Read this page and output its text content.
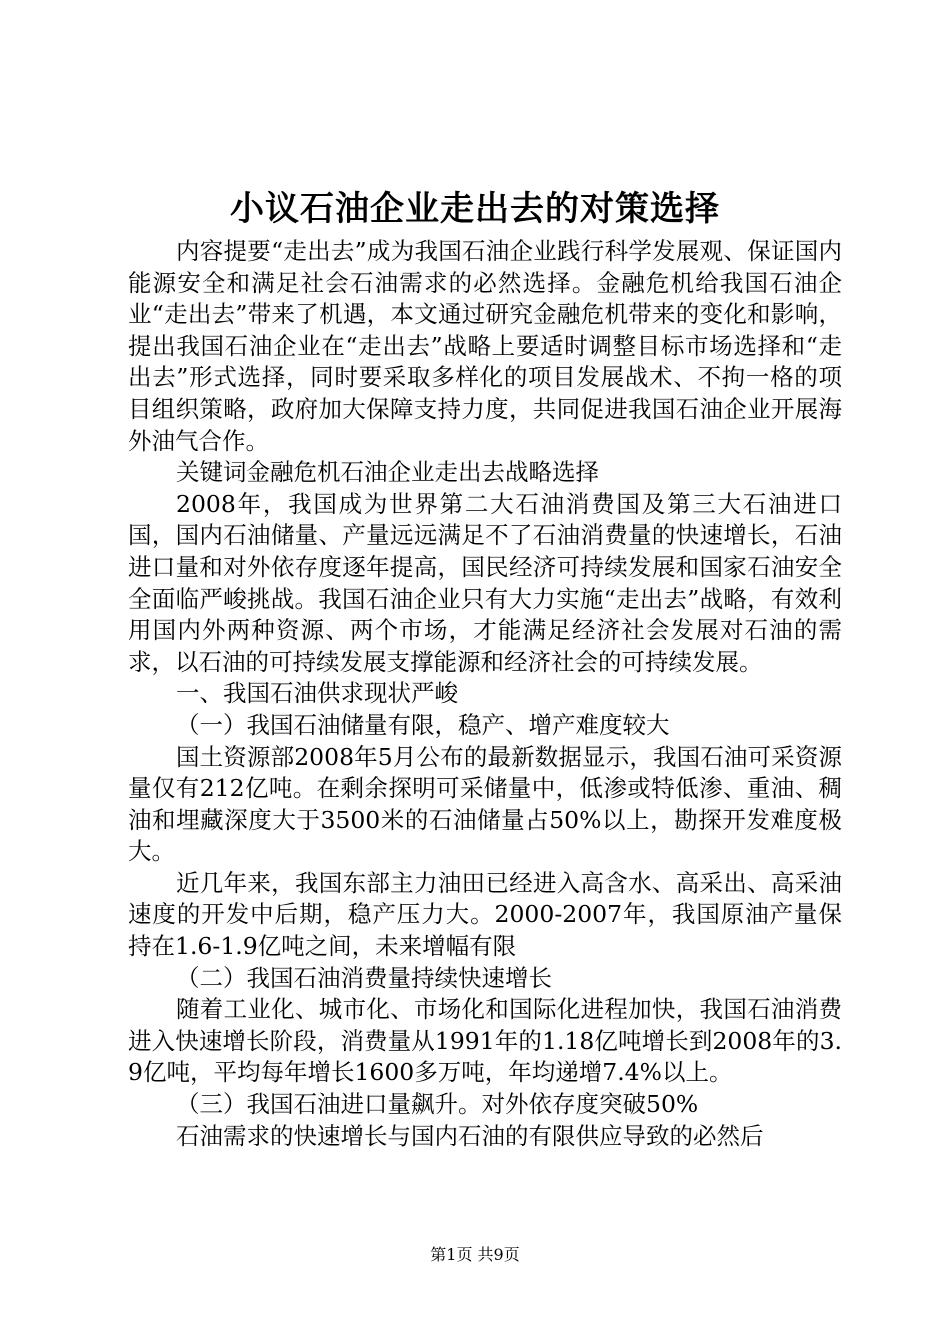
小议石油企业走出去的对策选择

内容提要“走出去”成为我国石油企业践行科学发展观、保证国内能源安全和满足社会石油需求的必然选择。金融危机给我国石油企业“走出去”带来了机遇，本文通过研究金融危机带来的变化和影响，提出我国石油企业在“走出去”战略上要适时调整目标市场选择和“走出去”形式选择，同时要采取多样化的项目发展战术、不拘一格的项目组织策略，政府加大保障支持力度，共同促进我国石油企业开展海外油气合作。

关键词金融危机石油企业走出去战略选择

2008年，我国成为世界第二大石油消费国及第三大石油进口国，国内石油储量、产量远远满足不了石油消费量的快速增长，石油进口量和对外依存度逐年提高，国民经济可持续发展和国家石油安全全面临严峻挑战。我国石油企业只有大力实施“走出去”战略，有效利用国内外两种资源、两个市场，才能满足经济社会发展对石油的需求，以石油的可持续发展支撑能源和经济社会的可持续发展。

一、我国石油供求现状严峻

（一）我国石油储量有限，稳产、增产难度较大

国土资源部2008年5月公布的最新数据显示，我国石油可采资源量仅有212亿吨。在剩余探明可采储量中，低渗或特低渗、重油、稠油和埋藏深度大于3500米的石油储量占50%以上，勘探开发难度极大。

近几年来，我国东部主力油田已经进入高含水、高采出、高采油速度的开发中后期，稳产压力大。2000-2007年，我国原油产量保持在1.6-1.9亿吨之间，未来增幅有限

（二）我国石油消费量持续快速增长

随着工业化、城市化、市场化和国际化进程加快，我国石油消费进入快速增长阶段，消费量从1991年的1.18亿吨增长到2008年的3.9亿吨，平均每年增长1600多万吨，年均递增7.4%以上。

（三）我国石油进口量飙升。对外依存度突破50%

石油需求的快速增长与国内石油的有限供应导致的必然后

第1页 共9页
